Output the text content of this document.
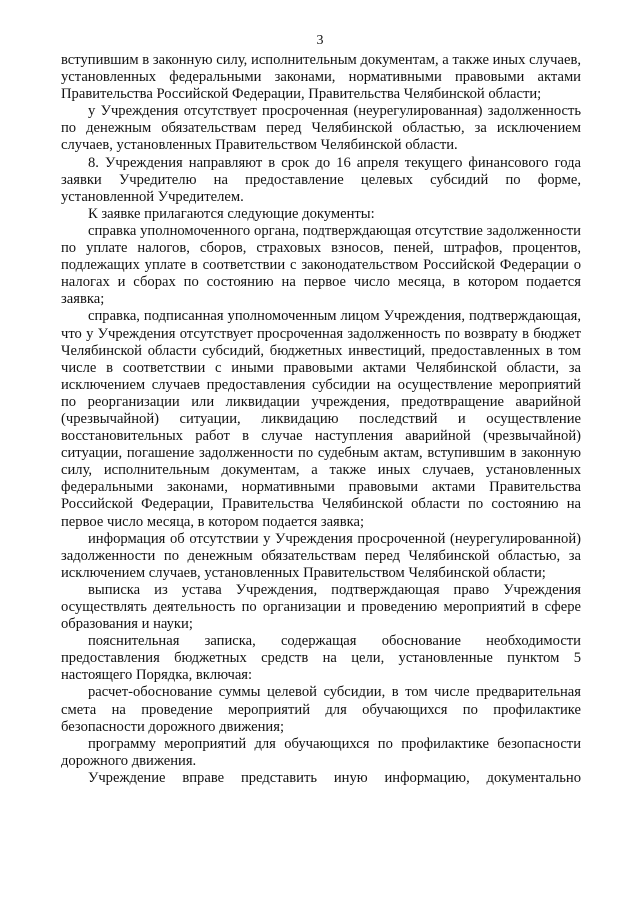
3

вступившим в законную силу, исполнительным документам, а также иных случаев, установленных федеральными законами, нормативными правовыми актами Правительства Российской Федерации, Правительства Челябинской области;

у Учреждения отсутствует просроченная (неурегулированная) задолженность по денежным обязательствам перед Челябинской областью, за исключением случаев, установленных Правительством Челябинской области.

8. Учреждения направляют в срок до 16 апреля текущего финансового года заявки Учредителю на предоставление целевых субсидий по форме, установленной Учредителем.

К заявке прилагаются следующие документы:

справка уполномоченного органа, подтверждающая отсутствие задолженности по уплате налогов, сборов, страховых взносов, пеней, штрафов, процентов, подлежащих уплате в соответствии с законодательством Российской Федерации о налогах и сборах по состоянию на первое число месяца, в котором подается заявка;

справка, подписанная уполномоченным лицом Учреждения, подтверждающая, что у Учреждения отсутствует просроченная задолженность по возврату в бюджет Челябинской области субсидий, бюджетных инвестиций, предоставленных в том числе в соответствии с иными правовыми актами Челябинской области, за исключением случаев предоставления субсидии на осуществление мероприятий по реорганизации или ликвидации учреждения, предотвращение аварийной (чрезвычайной) ситуации, ликвидацию последствий и осуществление восстановительных работ в случае наступления аварийной (чрезвычайной) ситуации, погашение задолженности по судебным актам, вступившим в законную силу, исполнительным документам, а также иных случаев, установленных федеральными законами, нормативными правовыми актами Правительства Российской Федерации, Правительства Челябинской области по состоянию на первое число месяца, в котором подается заявка;

информация об отсутствии у Учреждения просроченной (неурегулированной) задолженности по денежным обязательствам перед Челябинской областью, за исключением случаев, установленных Правительством Челябинской области;

выписка из устава Учреждения, подтверждающая право Учреждения осуществлять деятельность по организации и проведению мероприятий в сфере образования и науки;

пояснительная записка, содержащая обоснование необходимости предоставления бюджетных средств на цели, установленные пунктом 5 настоящего Порядка, включая:

расчет-обоснование суммы целевой субсидии, в том числе предварительная смета на проведение мероприятий для обучающихся по профилактике безопасности дорожного движения;

программу мероприятий для обучающихся по профилактике безопасности дорожного движения.

Учреждение вправе представить иную информацию, документально
